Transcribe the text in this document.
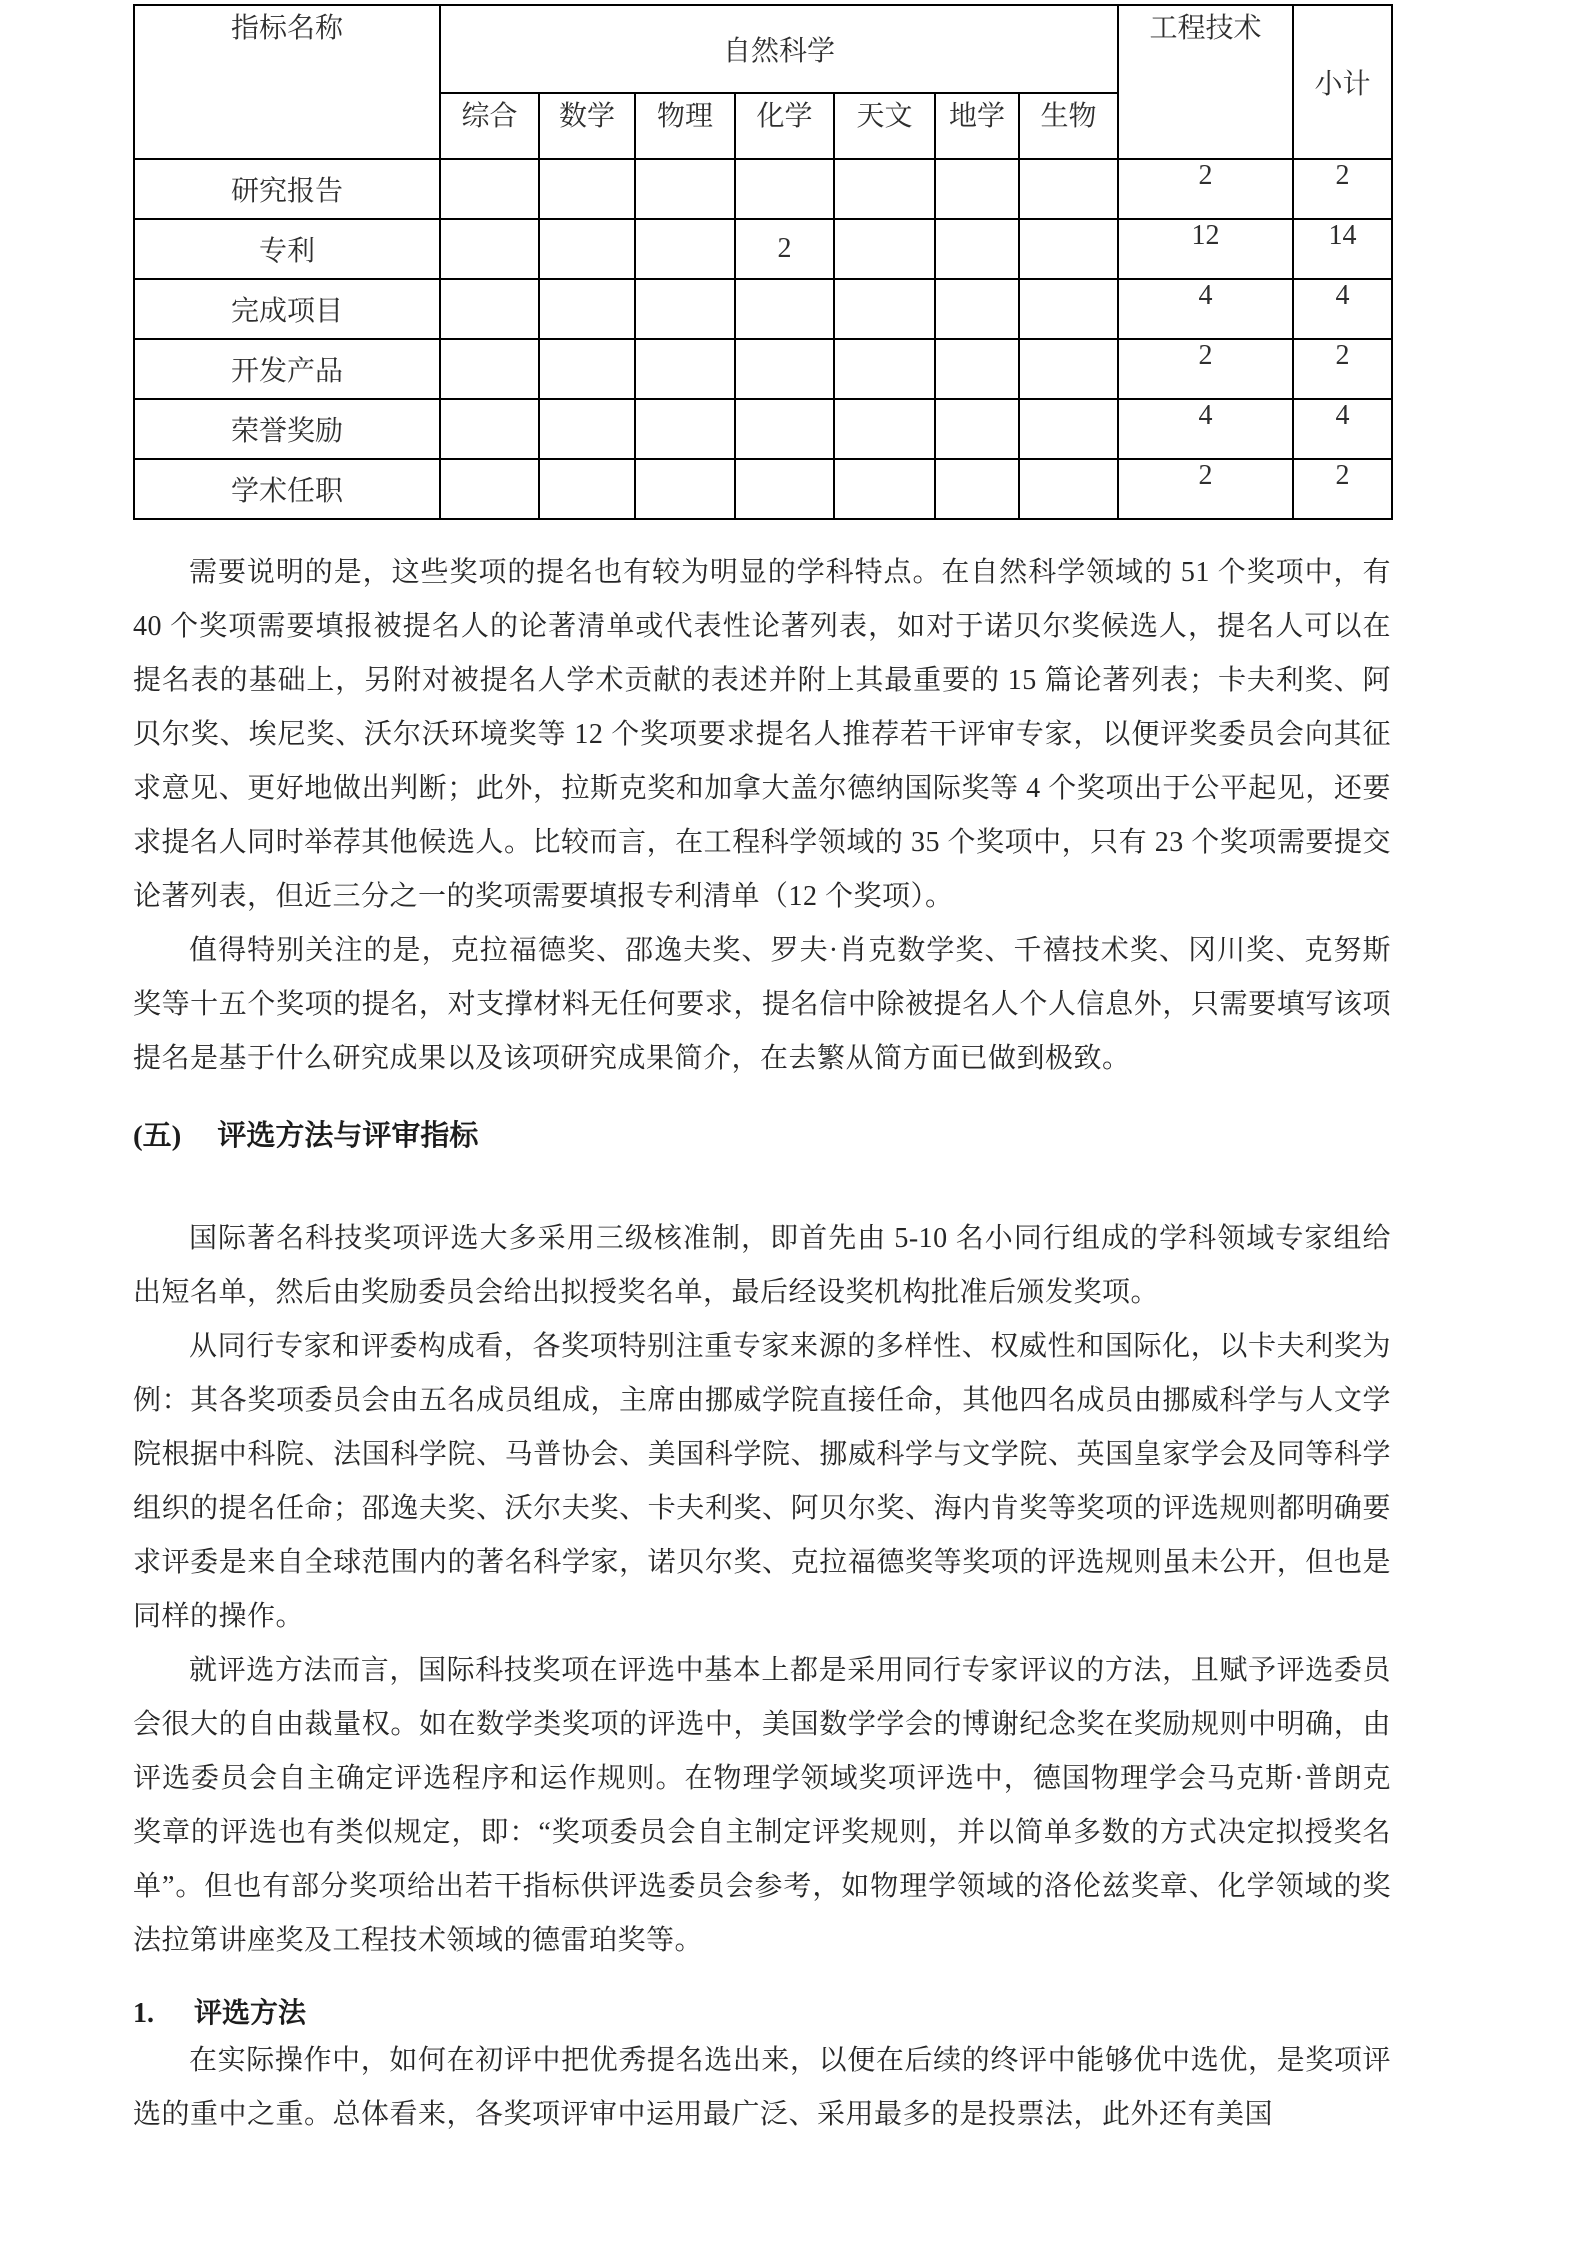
指标名称	自然科学							工程技术	小计
	综合	数学	物理	化学	天文	地学	生物		
研究报告								2	2
专利				2				12	14
完成项目								4	4
开发产品								2	2
荣誉奖励								4	4
学术任职								2	2

需要说明的是，这些奖项的提名也有较为明显的学科特点。在自然科学领域的 51 个奖项中，有 40 个奖项需要填报被提名人的论著清单或代表性论著列表，如对于诺贝尔奖候选人，提名人可以在提名表的基础上，另附对被提名人学术贡献的表述并附上其最重要的 15 篇论著列表；卡夫利奖、阿贝尔奖、埃尼奖、沃尔沃环境奖等 12 个奖项要求提名人推荐若干评审专家，以便评奖委员会向其征求意见、更好地做出判断；此外，拉斯克奖和加拿大盖尔德纳国际奖等 4 个奖项出于公平起见，还要求提名人同时举荐其他候选人。比较而言，在工程科学领域的 35 个奖项中，只有 23 个奖项需要提交论著列表，但近三分之一的奖项需要填报专利清单（12 个奖项）。

值得特别关注的是，克拉福德奖、邵逸夫奖、罗夫·肖克数学奖、千禧技术奖、冈川奖、克努斯奖等十五个奖项的提名，对支撑材料无任何要求，提名信中除被提名人个人信息外，只需要填写该项提名是基于什么研究成果以及该项研究成果简介，在去繁从简方面已做到极致。

(五) 评选方法与评审指标

国际著名科技奖项评选大多采用三级核准制，即首先由 5-10 名小同行组成的学科领域专家组给出短名单，然后由奖励委员会给出拟授奖名单，最后经设奖机构批准后颁发奖项。

从同行专家和评委构成看，各奖项特别注重专家来源的多样性、权威性和国际化，以卡夫利奖为例：其各奖项委员会由五名成员组成，主席由挪威学院直接任命，其他四名成员由挪威科学与人文学院根据中科院、法国科学院、马普协会、美国科学院、挪威科学与文学院、英国皇家学会及同等科学组织的提名任命；邵逸夫奖、沃尔夫奖、卡夫利奖、阿贝尔奖、海内肯奖等奖项的评选规则都明确要求评委是来自全球范围内的著名科学家，诺贝尔奖、克拉福德奖等奖项的评选规则虽未公开，但也是同样的操作。

就评选方法而言，国际科技奖项在评选中基本上都是采用同行专家评议的方法，且赋予评选委员会很大的自由裁量权。如在数学类奖项的评选中，美国数学学会的博谢纪念奖在奖励规则中明确，由评选委员会自主确定评选程序和运作规则。在物理学领域奖项评选中，德国物理学会马克斯·普朗克奖章的评选也有类似规定，即：“奖项委员会自主制定评奖规则，并以简单多数的方式决定拟授奖名单”。但也有部分奖项给出若干指标供评选委员会参考，如物理学领域的洛伦兹奖章、化学领域的奖法拉第讲座奖及工程技术领域的德雷珀奖等。

1. 评选方法

在实际操作中，如何在初评中把优秀提名选出来，以便在后续的终评中能够优中选优，是奖项评选的重中之重。总体看来，各奖项评审中运用最广泛、采用最多的是投票法，此外还有美国
